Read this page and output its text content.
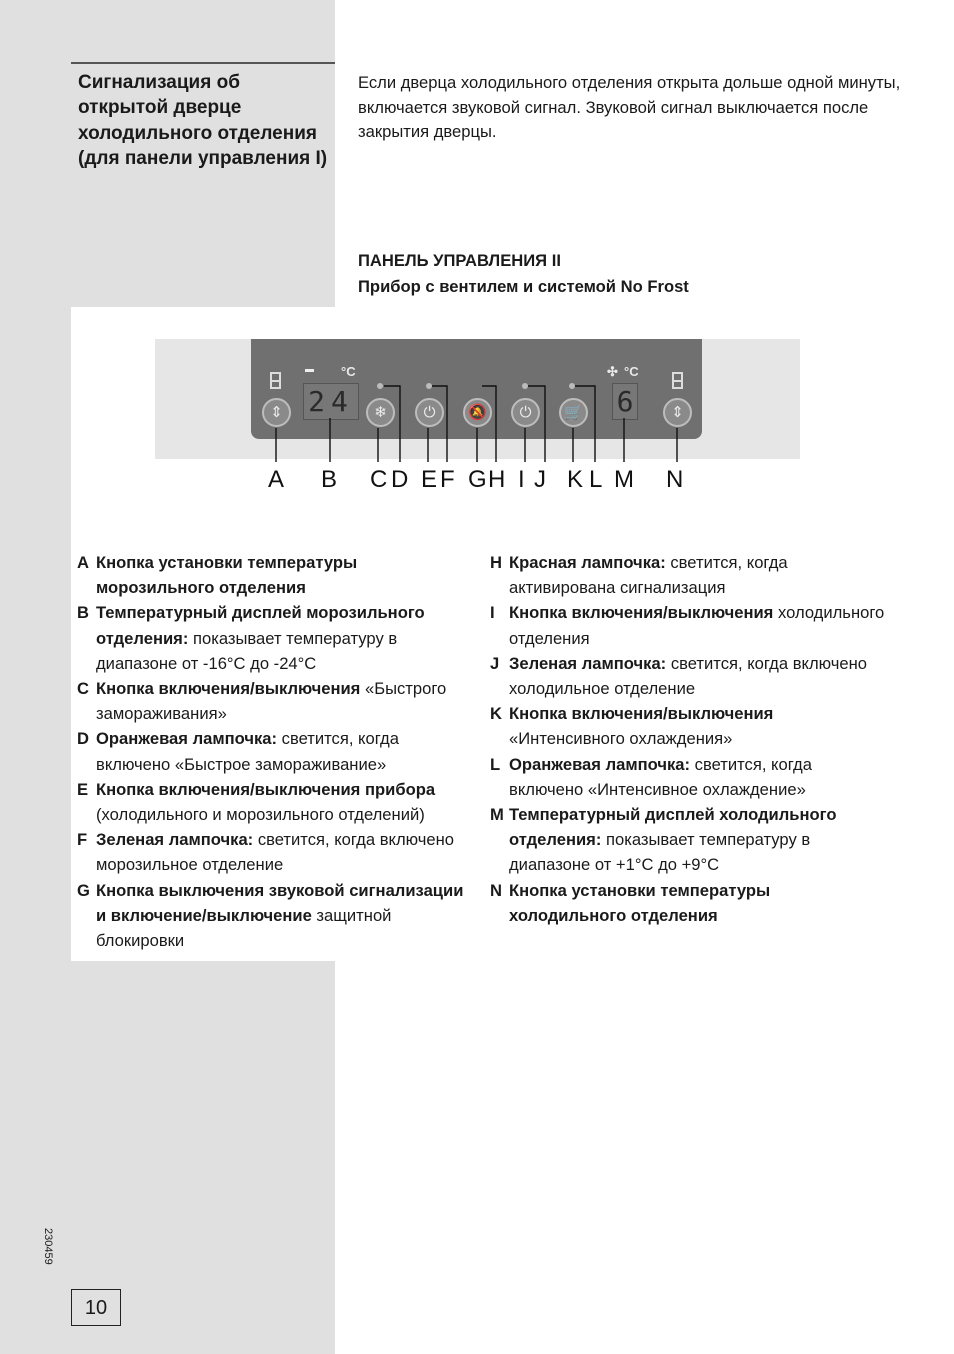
Сигнализация об открытой дверце холодильного отделения (для панели управления I)
Если дверца холодильного отделения открыта дольше одной минуты, включается звуковой сигнал. Звуковой сигнал выключается после закрытия дверцы.
ПАНЕЛЬ УПРАВЛЕНИЯ II
Прибор с вентилем и системой No Frost
°C	✣ °C
24	6
⇕	❄	⏻	🔕	⏻	🛒	⇕
A B C D E F G H I J K L M N
A Кнопка установки температуры морозильного отделения
B Температурный дисплей морозильного отделения: показывает температуру в диапазоне от -16°C до -24°C
C Кнопка включения/выключения «Быстрого замораживания»
D Оранжевая лампочка: светится, когда включено «Быстрое замораживание»
E Кнопка включения/выключения прибора (холодильного и морозильного отделений)
F Зеленая лампочка: светится, когда включено морозильное отделение
G Кнопка выключения звуковой сигнализации и включение/выключение защитной блокировки
H Красная лампочка: светится, когда активирована сигнализация
I Кнопка включения/выключения холодильного отделения
J Зеленая лампочка: светится, когда включено холодильное отделение
K Кнопка включения/выключения «Интенсивного охлаждения»
L Оранжевая лампочка: светится, когда включено «Интенсивное охлаждение»
M Температурный дисплей холодильного отделения: показывает температуру в диапазоне от +1°C до +9°C
N Кнопка установки температуры холодильного отделения
230459
10
